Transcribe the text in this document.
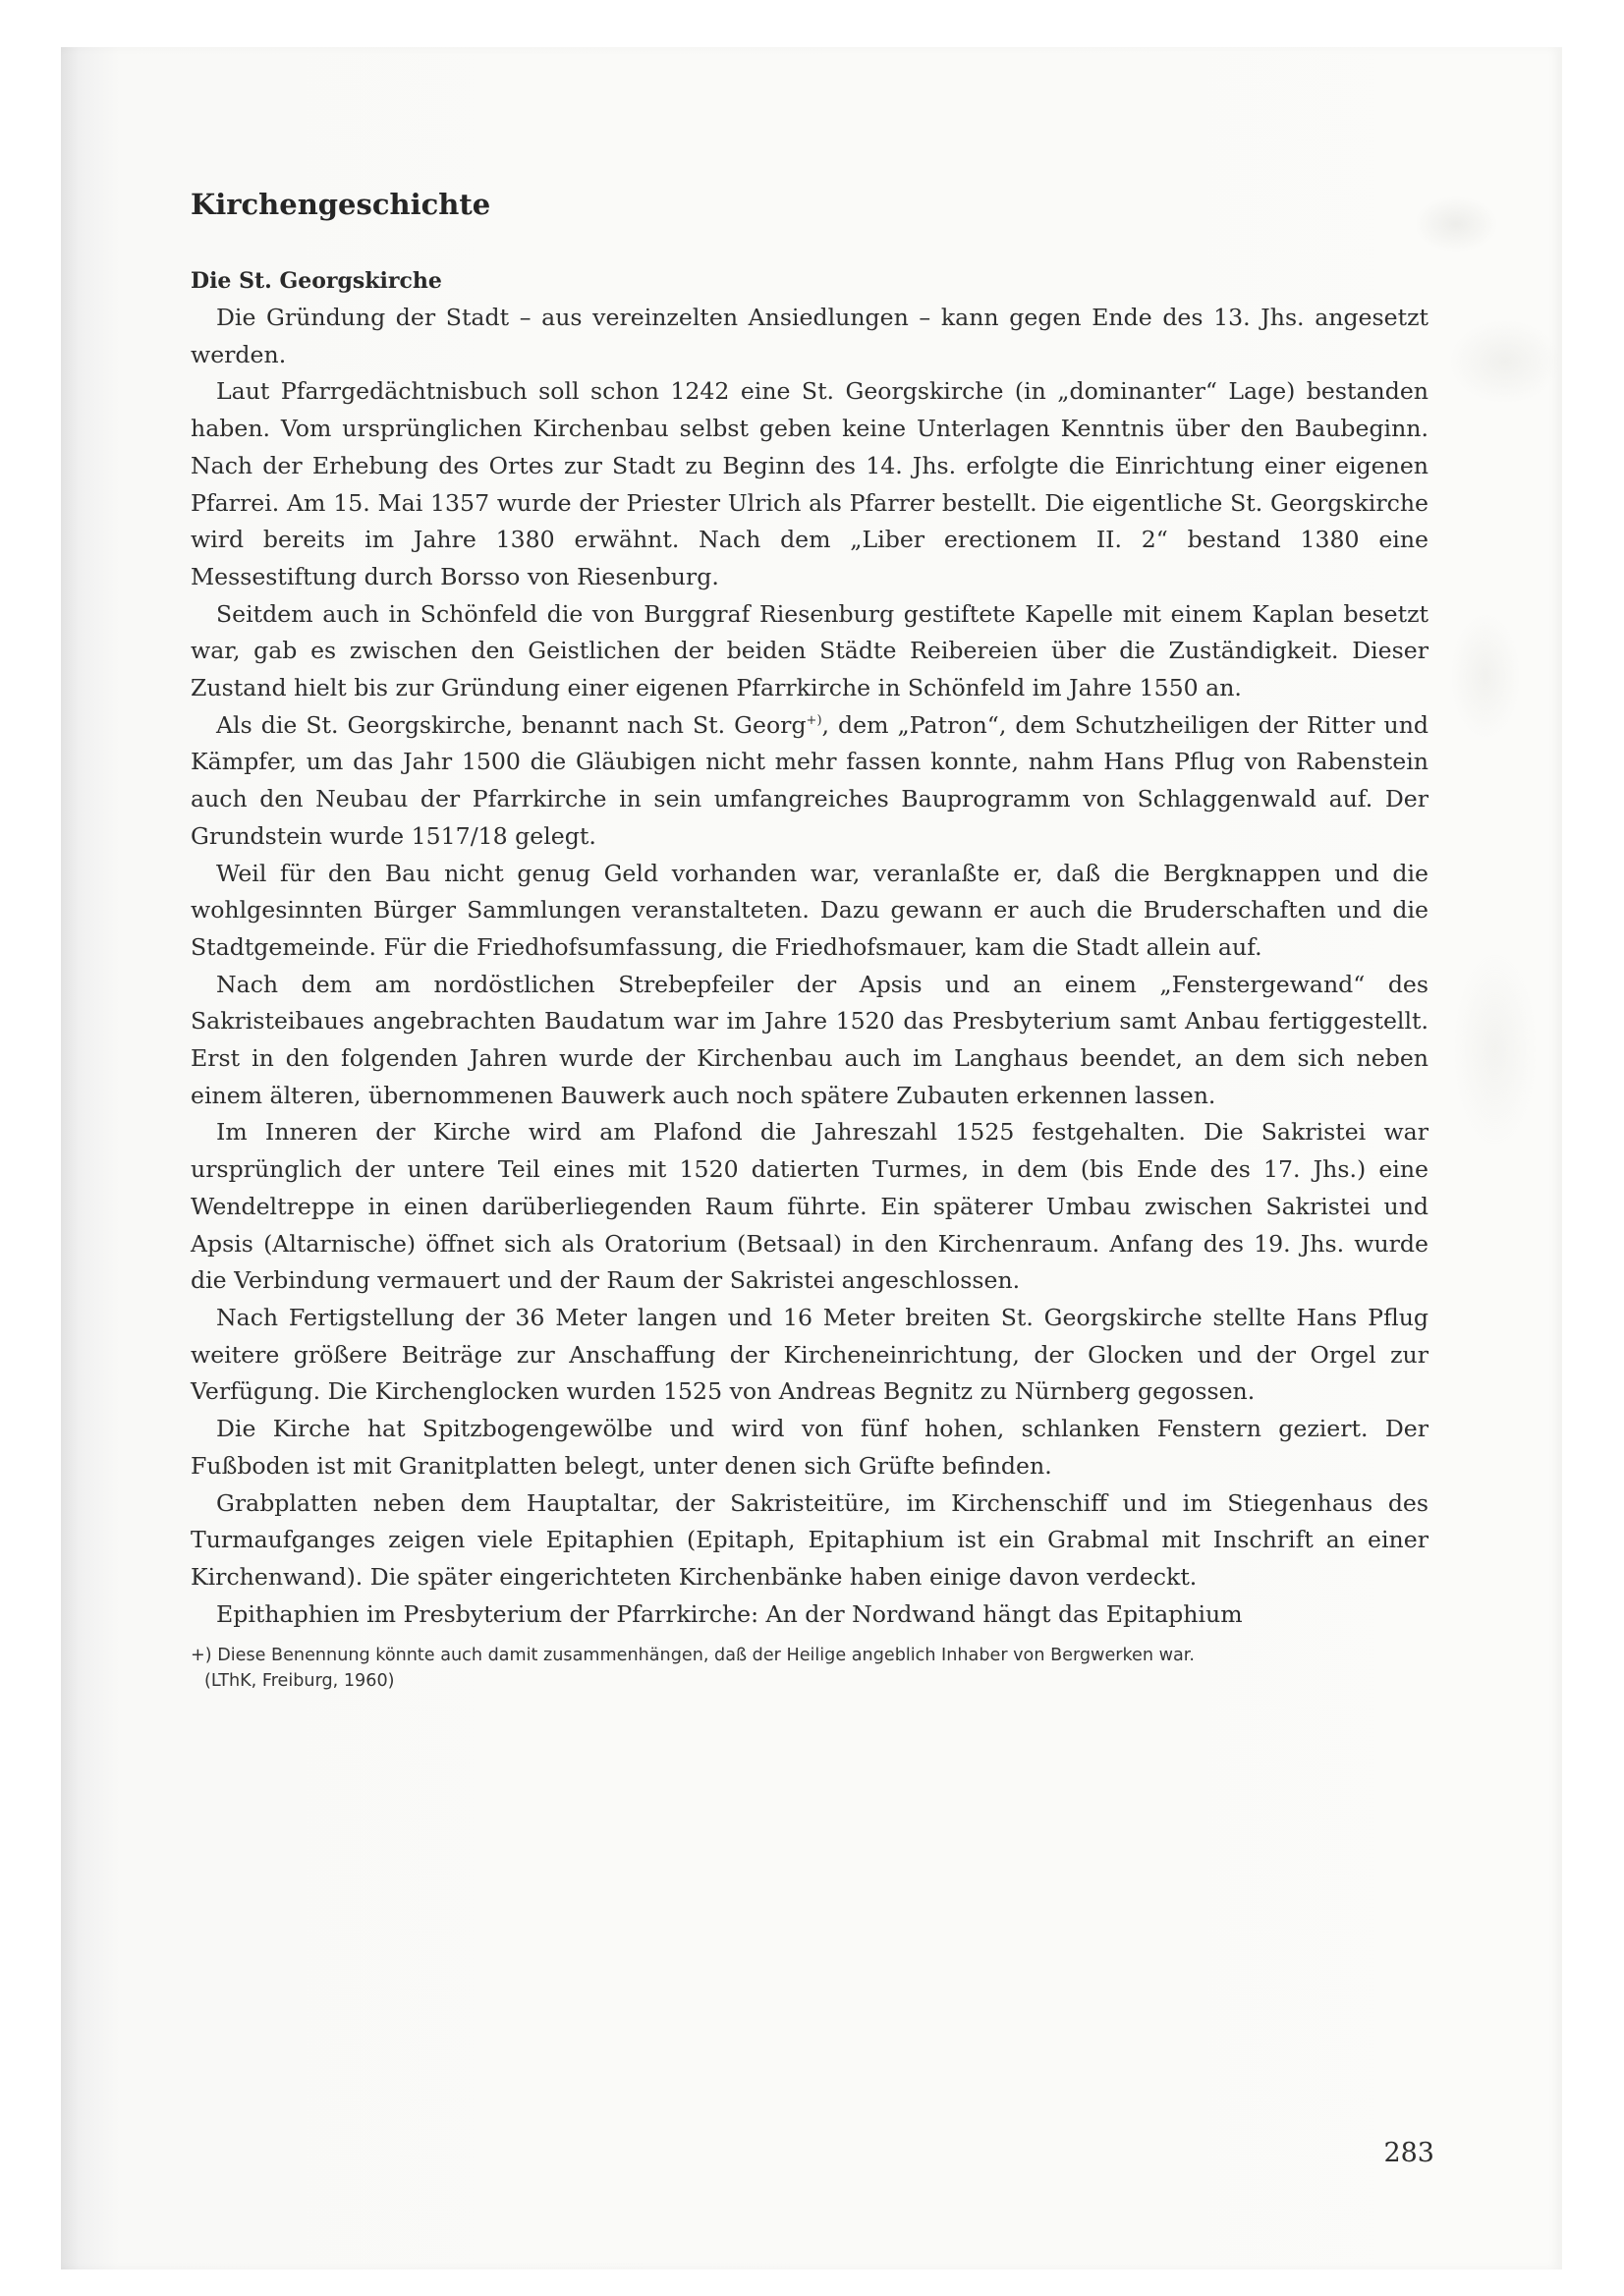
Kirchengeschichte
Die St. Georgskirche

Die Gründung der Stadt – aus vereinzelten Ansiedlungen – kann gegen Ende des 13. Jhs. angesetzt werden.

Laut Pfarrgedächtnisbuch soll schon 1242 eine St. Georgskirche (in „dominanter“ Lage) bestanden haben. Vom ursprünglichen Kirchenbau selbst geben keine Unterlagen Kenntnis über den Baubeginn. Nach der Erhebung des Ortes zur Stadt zu Beginn des 14. Jhs. erfolgte die Einrichtung einer eigenen Pfarrei. Am 15. Mai 1357 wurde der Priester Ulrich als Pfarrer bestellt. Die eigentliche St. Georgskirche wird bereits im Jahre 1380 erwähnt. Nach dem „Liber erectionem II. 2“ bestand 1380 eine Messestiftung durch Borsso von Riesenburg.

Seitdem auch in Schönfeld die von Burggraf Riesenburg gestiftete Kapelle mit einem Kaplan besetzt war, gab es zwischen den Geistlichen der beiden Städte Reibereien über die Zuständigkeit. Dieser Zustand hielt bis zur Gründung einer eigenen Pfarrkirche in Schönfeld im Jahre 1550 an.

Als die St. Georgskirche, benannt nach St. Georg+), dem „Patron“, dem Schutzheiligen der Ritter und Kämpfer, um das Jahr 1500 die Gläubigen nicht mehr fassen konnte, nahm Hans Pflug von Rabenstein auch den Neubau der Pfarrkirche in sein umfangreiches Bauprogramm von Schlaggenwald auf. Der Grundstein wurde 1517/18 gelegt.

Weil für den Bau nicht genug Geld vorhanden war, veranlaßte er, daß die Bergknappen und die wohlgesinnten Bürger Sammlungen veranstalteten. Dazu gewann er auch die Bruderschaften und die Stadtgemeinde. Für die Friedhofsumfassung, die Friedhofsmauer, kam die Stadt allein auf.

Nach dem am nordöstlichen Strebepfeiler der Apsis und an einem „Fenstergewand“ des Sakristeibaues angebrachten Baudatum war im Jahre 1520 das Presbyterium samt Anbau fertiggestellt. Erst in den folgenden Jahren wurde der Kirchenbau auch im Langhaus beendet, an dem sich neben einem älteren, übernommenen Bauwerk auch noch spätere Zubauten erkennen lassen.

Im Inneren der Kirche wird am Plafond die Jahreszahl 1525 festgehalten. Die Sakristei war ursprünglich der untere Teil eines mit 1520 datierten Turmes, in dem (bis Ende des 17. Jhs.) eine Wendeltreppe in einen darüberliegenden Raum führte. Ein späterer Umbau zwischen Sakristei und Apsis (Altarnische) öffnet sich als Oratorium (Betsaal) in den Kirchenraum. Anfang des 19. Jhs. wurde die Verbindung vermauert und der Raum der Sakristei angeschlossen.

Nach Fertigstellung der 36 Meter langen und 16 Meter breiten St. Georgskirche stellte Hans Pflug weitere größere Beiträge zur Anschaffung der Kircheneinrichtung, der Glocken und der Orgel zur Verfügung. Die Kirchenglocken wurden 1525 von Andreas Begnitz zu Nürnberg gegossen.

Die Kirche hat Spitzbogengewölbe und wird von fünf hohen, schlanken Fenstern geziert. Der Fußboden ist mit Granitplatten belegt, unter denen sich Grüfte befinden.

Grabplatten neben dem Hauptaltar, der Sakristeitüre, im Kirchenschiff und im Stiegenhaus des Turmaufganges zeigen viele Epitaphien (Epitaph, Epitaphium ist ein Grabmal mit Inschrift an einer Kirchenwand). Die später eingerichteten Kirchenbänke haben einige davon verdeckt.

Epithaphien im Presbyterium der Pfarrkirche: An der Nordwand hängt das Epitaphium

+) Diese Benennung könnte auch damit zusammenhängen, daß der Heilige angeblich Inhaber von Bergwerken war.
(LThK, Freiburg, 1960)

283
